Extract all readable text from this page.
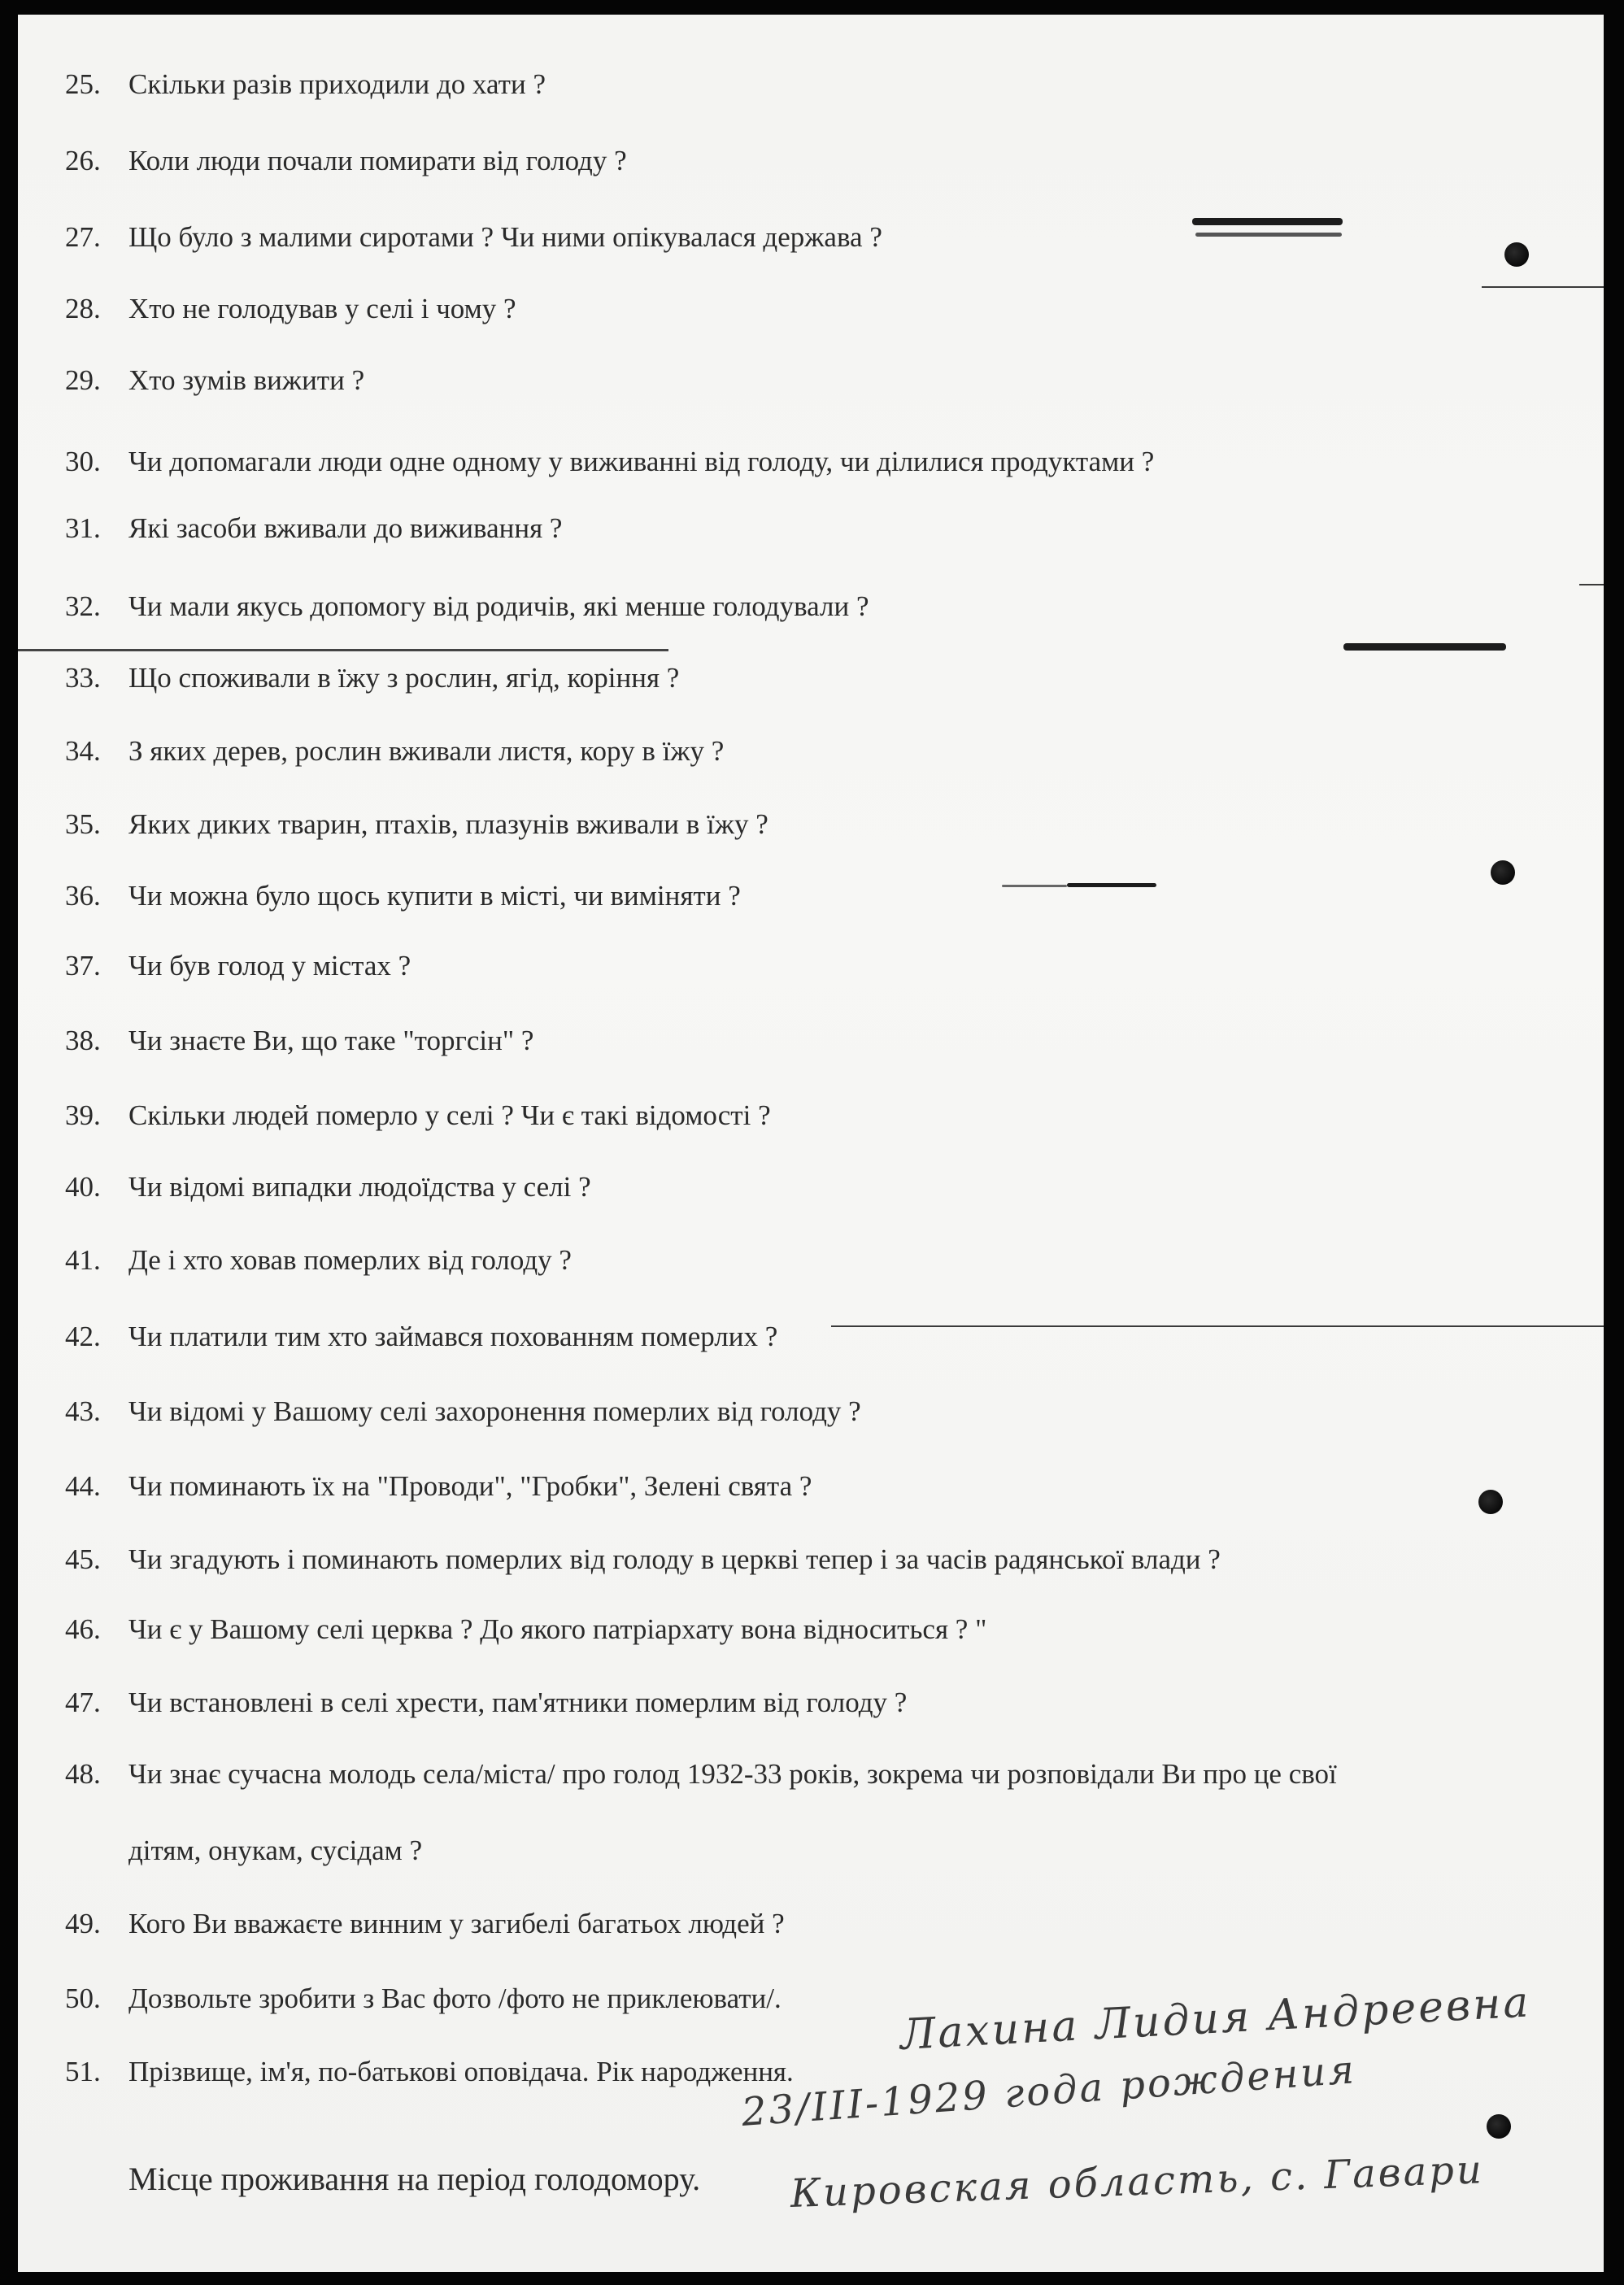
25. Скільки разів приходили до хати ?
26. Коли люди почали помирати від голоду ?
27. Що було з малими сиротами ? Чи ними опікувалася держава ?
28. Хто не голодував у селі і чому ?
29. Хто зумів вижити ?
30. Чи допомагали люди одне одному у виживанні від голоду, чи ділилися продуктами ?
31. Які засоби вживали до виживання ?
32. Чи мали якусь допомогу від родичів, які менше голодували ?
33. Що споживали в їжу з рослин, ягід, коріння ?
34. З яких дерев, рослин вживали листя, кору в їжу ?
35. Яких диких тварин, птахів, плазунів вживали в їжу ?
36. Чи можна було щось купити в місті, чи виміняти ?
37. Чи був голод у містах ?
38. Чи знаєте Ви, що таке "торгсін" ?
39. Скільки людей померло у селі ? Чи є такі відомості ?
40. Чи відомі випадки людоїдства у селі ?
41. Де і хто ховав померлих від голоду ?
42. Чи платили тим хто займався похованням померлих ?
43. Чи відомі у Вашому селі захоронення померлих від голоду ?
44. Чи поминають їх на "Проводи", "Гробки", Зелені свята ?
45. Чи згадують і поминають померлих від голоду в церкві тепер і за часів радянської влади ?
46. Чи є у Вашому селі церква ? До якого патріархату вона відноситься ? "
47. Чи встановлені в селі хрести, пам'ятники померлим від голоду ?
48. Чи знає сучасна молодь села/міста/ про голод 1932-33 років, зокрема чи розповідали Ви про це свої
дітям, онукам, сусідам ?
49. Кого Ви вважаєте винним у загибелі багатьох людей ?
50. Дозвольте зробити з Вас фото /фото не приклеювати/.
51. Прізвище, ім'я, по-батькові оповідача. Рік народження.
Місце проживання на період голодомору.
Лахина Лидия Андреевна
23/III-1929 года рождения
Кировская область, с. Гавари
